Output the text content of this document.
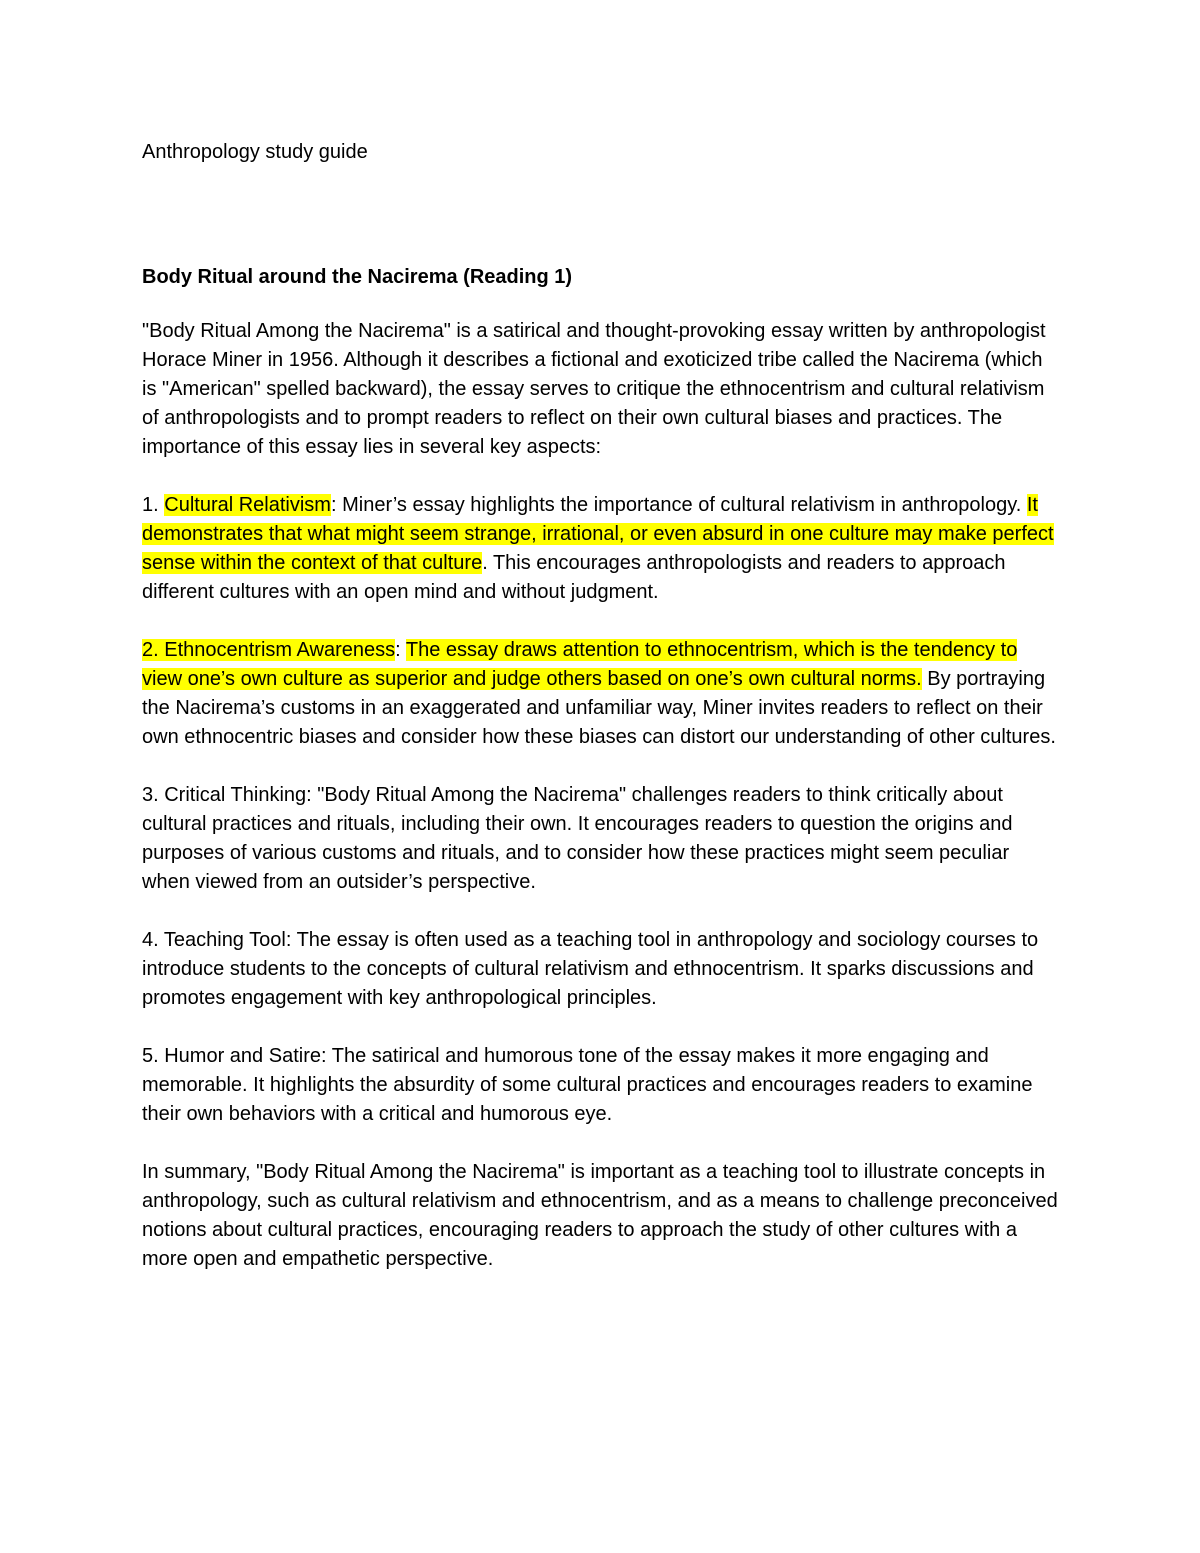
Anthropology study guide

Body Ritual around the Nacirema (Reading 1)

"Body Ritual Among the Nacirema" is a satirical and thought-provoking essay written by anthropologist Horace Miner in 1956. Although it describes a fictional and exoticized tribe called the Nacirema (which is "American" spelled backward), the essay serves to critique the ethnocentrism and cultural relativism of anthropologists and to prompt readers to reflect on their own cultural biases and practices. The importance of this essay lies in several key aspects:

1. Cultural Relativism: Miner’s essay highlights the importance of cultural relativism in anthropology. It demonstrates that what might seem strange, irrational, or even absurd in one culture may make perfect sense within the context of that culture. This encourages anthropologists and readers to approach different cultures with an open mind and without judgment.

2. Ethnocentrism Awareness: The essay draws attention to ethnocentrism, which is the tendency to view one’s own culture as superior and judge others based on one’s own cultural norms. By portraying the Nacirema’s customs in an exaggerated and unfamiliar way, Miner invites readers to reflect on their own ethnocentric biases and consider how these biases can distort our understanding of other cultures.

3. Critical Thinking: "Body Ritual Among the Nacirema" challenges readers to think critically about cultural practices and rituals, including their own. It encourages readers to question the origins and purposes of various customs and rituals, and to consider how these practices might seem peculiar when viewed from an outsider’s perspective.

4. Teaching Tool: The essay is often used as a teaching tool in anthropology and sociology courses to introduce students to the concepts of cultural relativism and ethnocentrism. It sparks discussions and promotes engagement with key anthropological principles.

5. Humor and Satire: The satirical and humorous tone of the essay makes it more engaging and memorable. It highlights the absurdity of some cultural practices and encourages readers to examine their own behaviors with a critical and humorous eye.

In summary, "Body Ritual Among the Nacirema" is important as a teaching tool to illustrate concepts in anthropology, such as cultural relativism and ethnocentrism, and as a means to challenge preconceived notions about cultural practices, encouraging readers to approach the study of other cultures with a more open and empathetic perspective.
